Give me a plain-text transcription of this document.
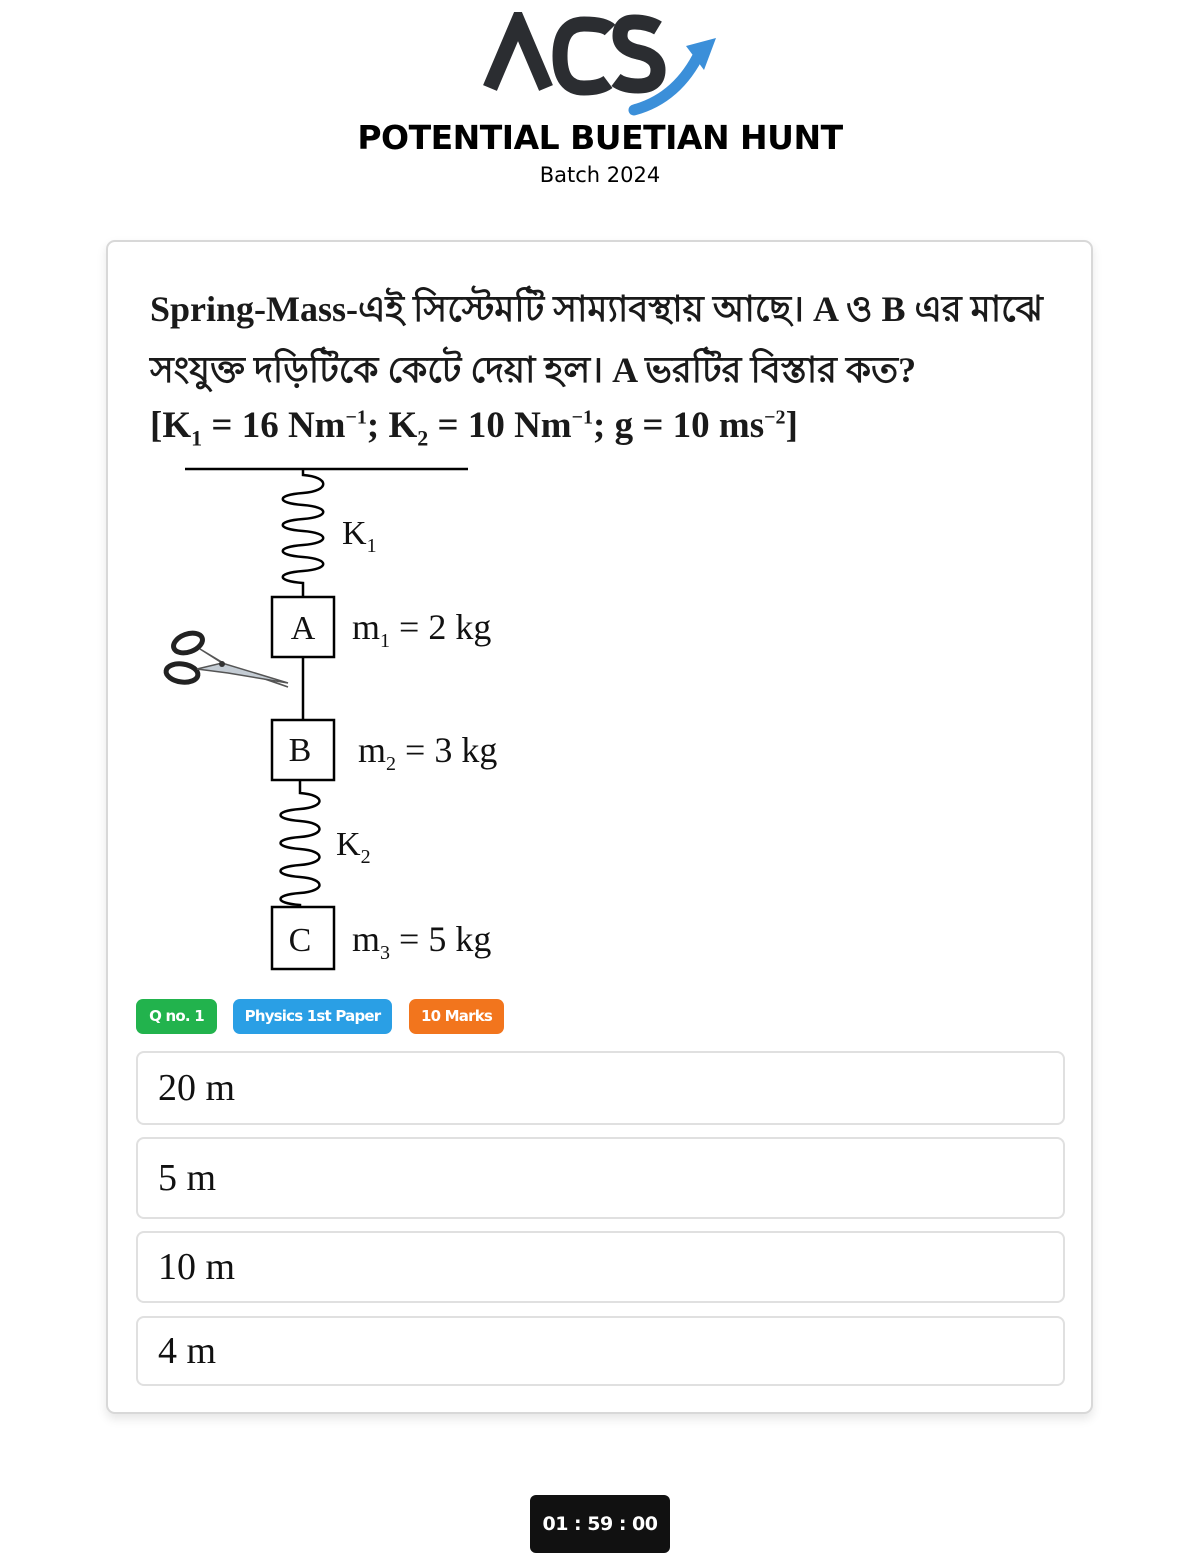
POTENTIAL BUETIAN HUNT
Batch 2024
Spring-Mass-এই সিস্টেমটি সাম্যাবস্থায় আছে। A ও B এর মাঝে
সংযুক্ত দড়িটিকে কেটে দেয়া হল। A ভরটির বিস্তার কত?
[$K_1 = 16$ $Nm^{-1}$; $K_2 = 10$ $Nm^{-1}$; g = 10 $ms^{-2}$]
$K_1$
A $m_1 = 2$ kg
B $m_2 = 3$ kg
$K_2$
C $m_3 = 5$ kg
Q no. 1	Physics 1st Paper	10 Marks
20 m
5 m
10 m
4 m
01 : 59 : 00
